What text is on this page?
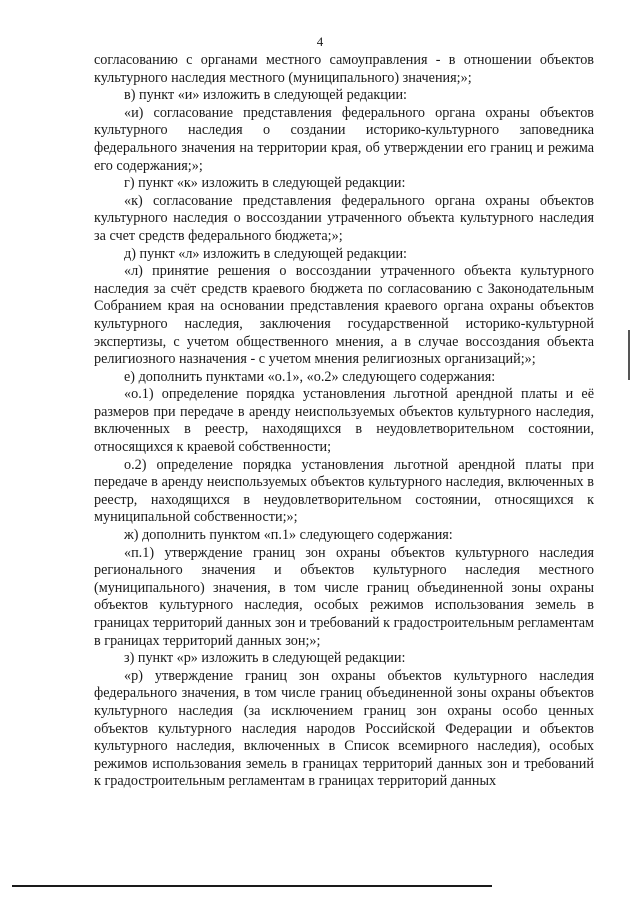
4

согласованию с органами местного самоуправления - в отношении объектов культурного наследия местного (муниципального) значения;»;

в) пункт «и» изложить в следующей редакции:

«и) согласование представления федерального органа охраны объектов культурного наследия о создании историко-культурного заповедника федерального значения на территории края, об утверждении его границ и режима его содержания;»;

г) пункт «к» изложить в следующей редакции:

«к) согласование представления федерального органа охраны объектов культурного наследия о воссоздании утраченного объекта культурного наследия за счет средств федерального бюджета;»;

д) пункт «л» изложить в следующей редакции:

«л) принятие решения о воссоздании утраченного объекта культурного наследия за счёт средств краевого бюджета по согласованию с Законодательным Собранием края на основании представления краевого органа охраны объектов культурного наследия, заключения государственной историко-культурной экспертизы, с учетом общественного мнения, а в случае воссоздания объекта религиозного назначения - с учетом мнения религиозных организаций;»;

е) дополнить пунктами «о.1», «о.2» следующего содержания:

«о.1) определение порядка установления льготной арендной платы и её размеров при передаче в аренду неиспользуемых объектов культурного наследия, включенных в реестр, находящихся в неудовлетворительном состоянии, относящихся к краевой собственности;

о.2) определение порядка установления льготной арендной платы при передаче в аренду неиспользуемых объектов культурного наследия, включенных в реестр, находящихся в неудовлетворительном состоянии, относящихся к муниципальной собственности;»;

ж) дополнить пунктом «п.1» следующего содержания:

«п.1) утверждение границ зон охраны объектов культурного наследия регионального значения и объектов культурного наследия местного (муниципального) значения, в том числе границ объединенной зоны охраны объектов культурного наследия, особых режимов использования земель в границах территорий данных зон и требований к градостроительным регламентам в границах территорий данных зон;»;

з) пункт «р» изложить в следующей редакции:

«р) утверждение границ зон охраны объектов культурного наследия федерального значения, в том числе границ объединенной зоны охраны объектов культурного наследия (за исключением границ зон охраны особо ценных объектов культурного наследия народов Российской Федерации и объектов культурного наследия, включенных в Список всемирного наследия), особых режимов использования земель в границах территорий данных зон и требований к градостроительным регламентам в границах территорий данных
